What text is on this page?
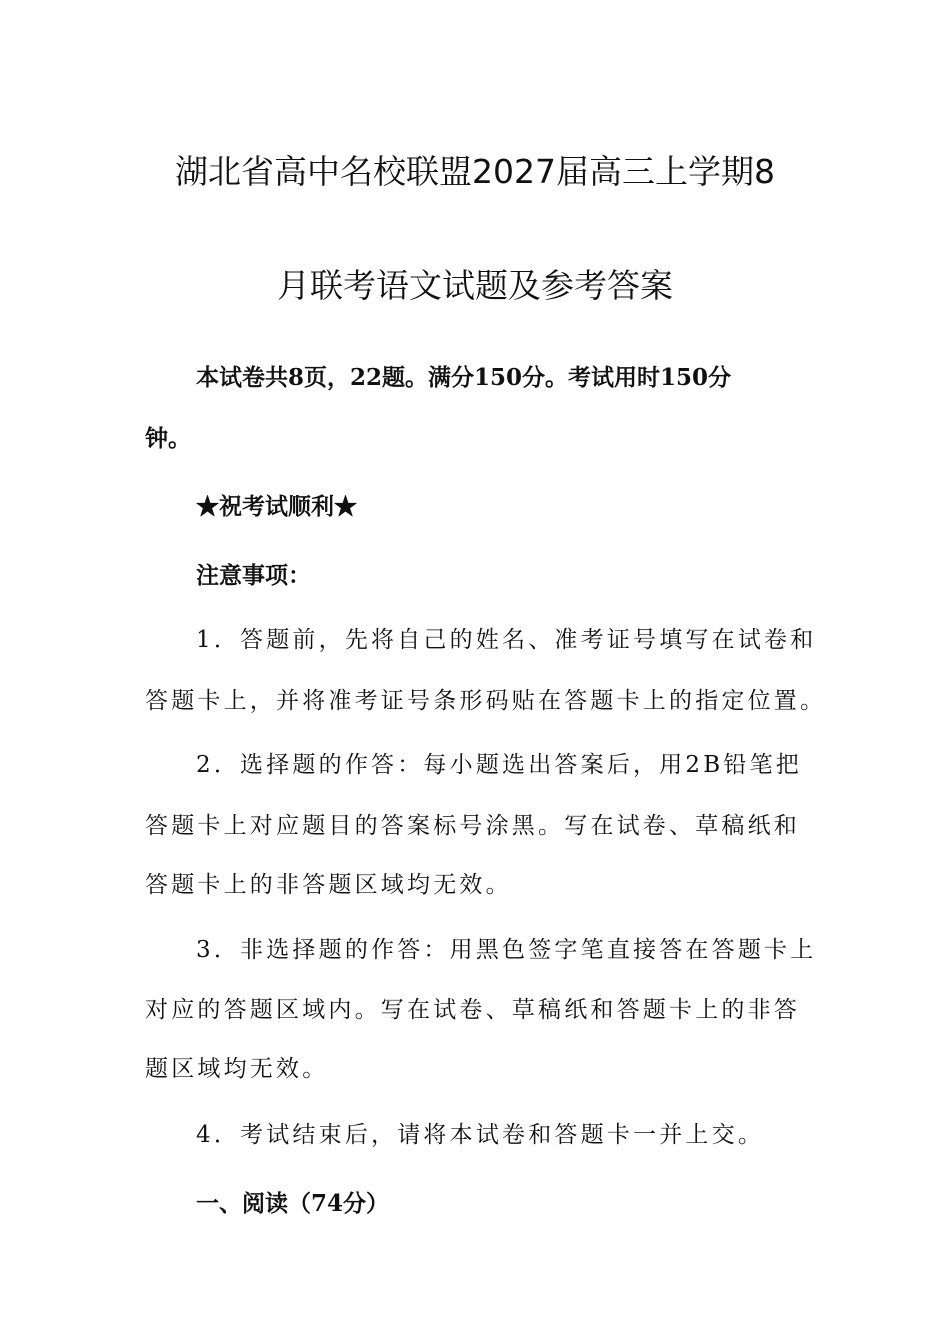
湖北省高中名校联盟2027届高三上学期8
月联考语文试题及参考答案
本试卷共8页，22题。满分150分。考试用时150分
钟。
★祝考试顺利★
注意事项：
1．答题前，先将自己的姓名、准考证号填写在试卷和
答题卡上，并将准考证号条形码贴在答题卡上的指定位置。
2．选择题的作答：每小题选出答案后，用2B铅笔把
答题卡上对应题目的答案标号涂黑。写在试卷、草稿纸和
答题卡上的非答题区域均无效。
3．非选择题的作答：用黑色签字笔直接答在答题卡上
对应的答题区域内。写在试卷、草稿纸和答题卡上的非答
题区域均无效。
4．考试结束后，请将本试卷和答题卡一并上交。
一、阅读（74分）
